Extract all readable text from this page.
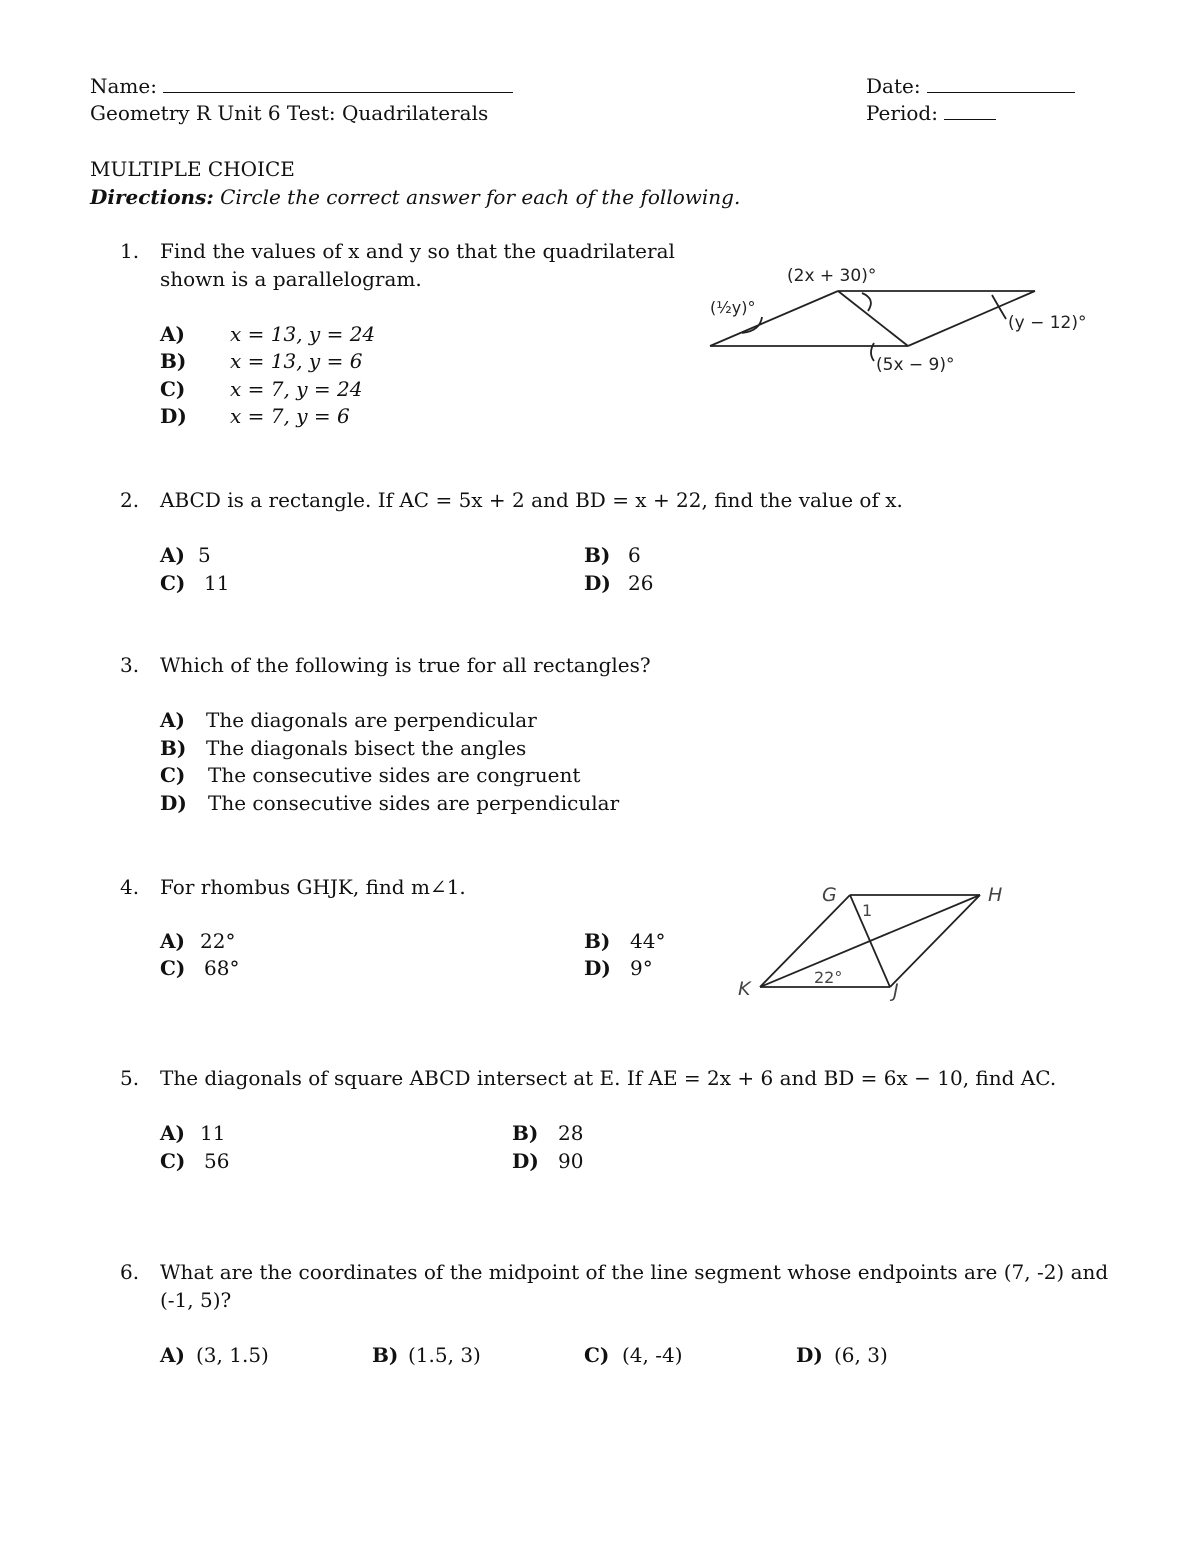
Name:	Date:
Geometry R Unit 6 Test: Quadrilaterals	Period:
MULTIPLE CHOICE
Directions: Circle the correct answer for each of the following.
1. Find the values of x and y so that the quadrilateral
shown is a parallelogram.
A) x = 13, y = 24
B) x = 13, y = 6
C) x = 7, y = 24
D) x = 7, y = 6
(2x + 30)°
(½y)°
(y − 12)°
(5x − 9)°
2. ABCD is a rectangle. If AC = 5x + 2 and BD = x + 22, find the value of x.
A) 5	B) 6
C) 11	D) 26
3. Which of the following is true for all rectangles?
A) The diagonals are perpendicular
B) The diagonals bisect the angles
C) The consecutive sides are congruent
D) The consecutive sides are perpendicular
4. For rhombus GHJK, find m∠1.
A) 22°	B) 44°
C) 68°	D) 9°
G	H
J
K
1
22°
5. The diagonals of square ABCD intersect at E. If AE = 2x + 6 and BD = 6x − 10, find AC.
A) 11	B) 28
C) 56	D) 90
6. What are the coordinates of the midpoint of the line segment whose endpoints are (7, -2) and
(-1, 5)?
A) (3, 1.5)	B) (1.5, 3)	C) (4, -4)	D) (6, 3)
